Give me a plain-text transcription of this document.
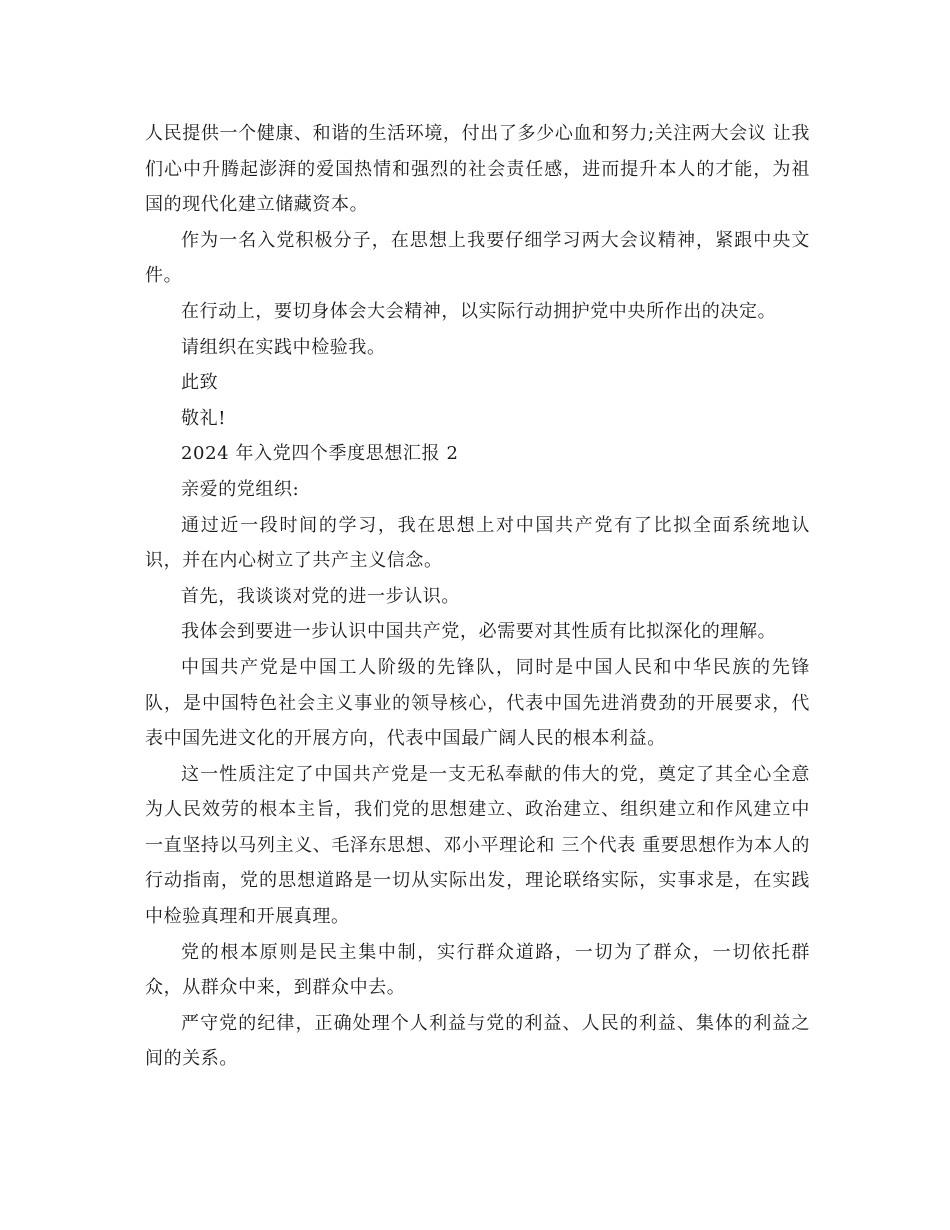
人民提供一个健康、和谐的生活环境，付出了多少心血和努力;关注两大会议 让我们心中升腾起澎湃的爱国热情和强烈的社会责任感，进而提升本人的才能，为祖国的现代化建立储藏资本。

作为一名入党积极分子，在思想上我要仔细学习两大会议精神，紧跟中央文件。

在行动上，要切身体会大会精神，以实际行动拥护党中央所作出的决定。

请组织在实践中检验我。

此致

敬礼!

2024 年入党四个季度思想汇报 2

亲爱的党组织:

通过近一段时间的学习，我在思想上对中国共产党有了比拟全面系统地认识，并在内心树立了共产主义信念。

首先，我谈谈对党的进一步认识。

我体会到要进一步认识中国共产党，必需要对其性质有比拟深化的理解。

中国共产党是中国工人阶级的先锋队，同时是中国人民和中华民族的先锋队，是中国特色社会主义事业的领导核心，代表中国先进消费劲的开展要求，代表中国先进文化的开展方向，代表中国最广阔人民的根本利益。

这一性质注定了中国共产党是一支无私奉献的伟大的党，奠定了其全心全意为人民效劳的根本主旨，我们党的思想建立、政治建立、组织建立和作风建立中一直坚持以马列主义、毛泽东思想、邓小平理论和 三个代表 重要思想作为本人的行动指南，党的思想道路是一切从实际出发，理论联络实际，实事求是，在实践中检验真理和开展真理。

党的根本原则是民主集中制，实行群众道路，一切为了群众，一切依托群众，从群众中来，到群众中去。

严守党的纪律，正确处理个人利益与党的利益、人民的利益、集体的利益之间的关系。
